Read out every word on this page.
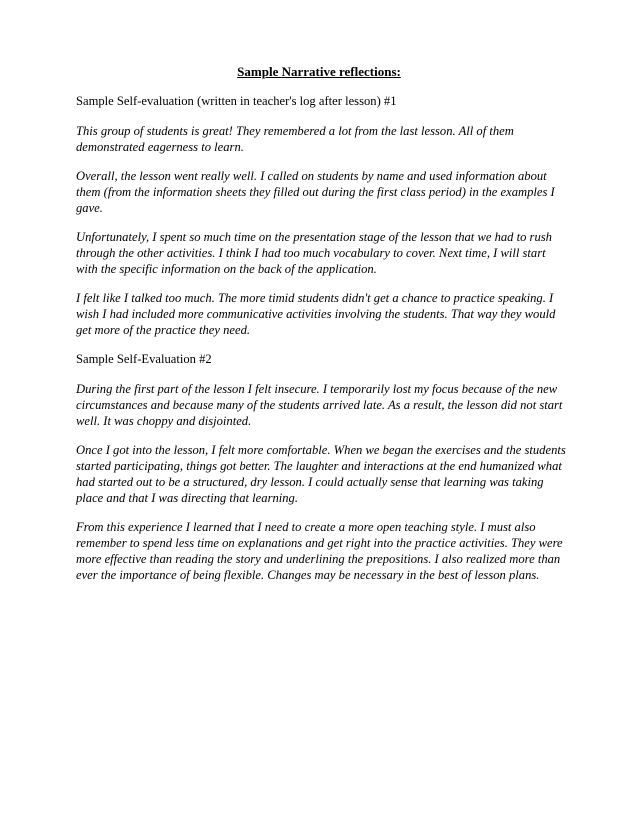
Sample Narrative reflections:

Sample Self-evaluation (written in teacher's log after lesson) #1

This group of students is great! They remembered a lot from the last lesson. All of them demonstrated eagerness to learn.

Overall, the lesson went really well. I called on students by name and used information about them (from the information sheets they filled out during the first class period) in the examples I gave.

Unfortunately, I spent so much time on the presentation stage of the lesson that we had to rush through the other activities. I think I had too much vocabulary to cover. Next time, I will start with the specific information on the back of the application.

I felt like I talked too much. The more timid students didn't get a chance to practice speaking. I wish I had included more communicative activities involving the students. That way they would get more of the practice they need.

Sample Self-Evaluation #2

During the first part of the lesson I felt insecure. I temporarily lost my focus because of the new circumstances and because many of the students arrived late. As a result, the lesson did not start well. It was choppy and disjointed.

Once I got into the lesson, I felt more comfortable. When we began the exercises and the students started participating, things got better. The laughter and interactions at the end humanized what had started out to be a structured, dry lesson. I could actually sense that learning was taking place and that I was directing that learning.

From this experience I learned that I need to create a more open teaching style. I must also remember to spend less time on explanations and get right into the practice activities. They were more effective than reading the story and underlining the prepositions. I also realized more than ever the importance of being flexible. Changes may be necessary in the best of lesson plans.
